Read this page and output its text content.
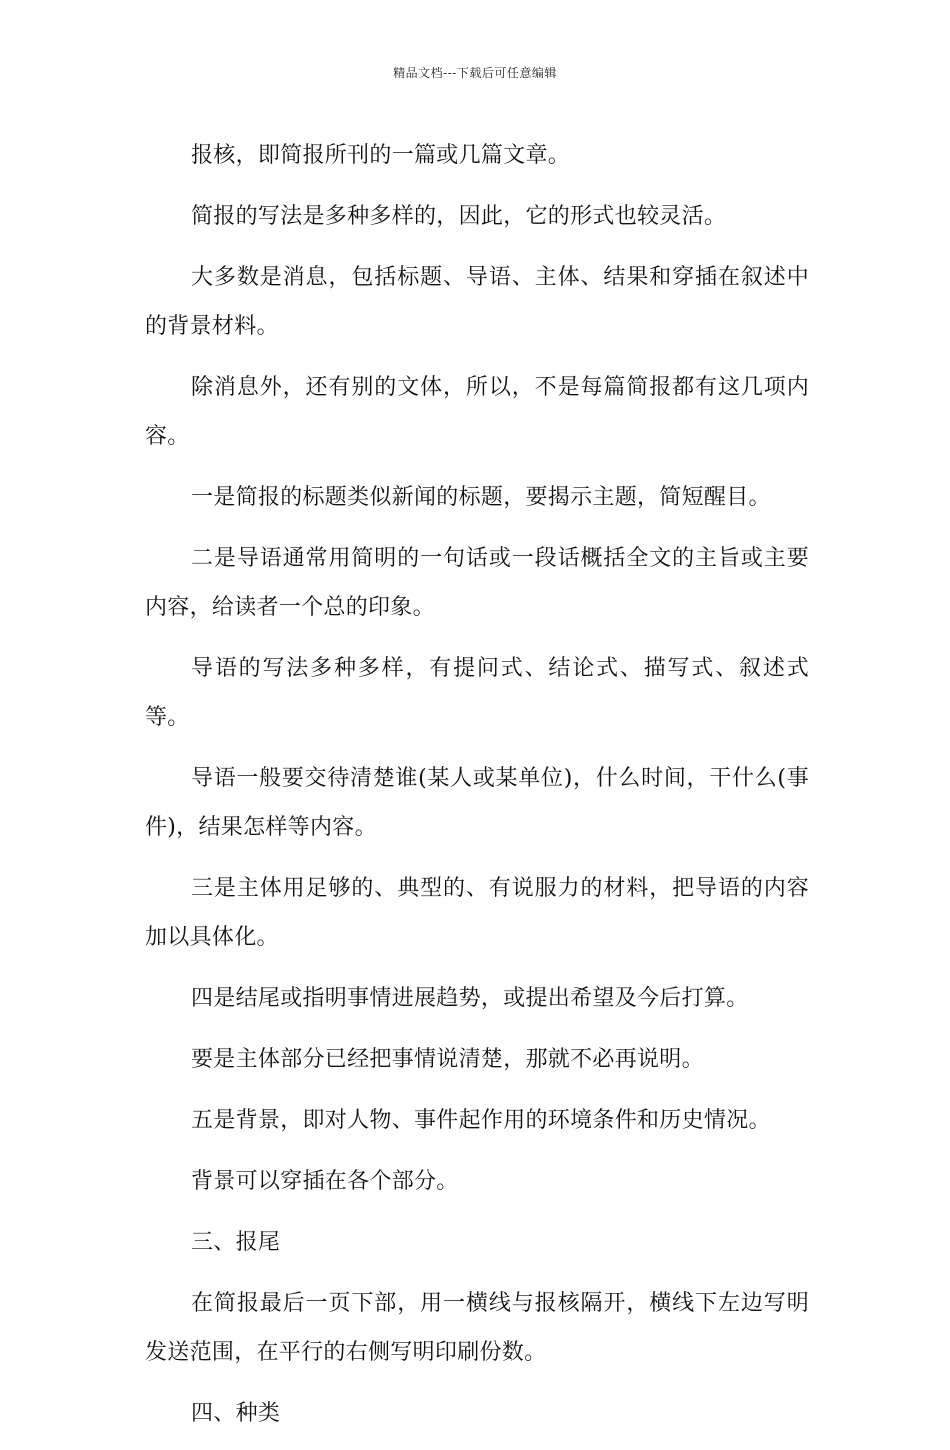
精品文档---下载后可任意编辑

报核，即简报所刊的一篇或几篇文章。

简报的写法是多种多样的，因此，它的形式也较灵活。

大多数是消息，包括标题、导语、主体、结果和穿插在叙述中的背景材料。

除消息外，还有别的文体，所以，不是每篇简报都有这几项内容。

一是简报的标题类似新闻的标题，要揭示主题，简短醒目。

二是导语通常用简明的一句话或一段话概括全文的主旨或主要内容，给读者一个总的印象。

导语的写法多种多样，有提问式、结论式、描写式、叙述式等。

导语一般要交待清楚谁(某人或某单位)，什么时间，干什么(事件)，结果怎样等内容。

三是主体用足够的、典型的、有说服力的材料，把导语的内容加以具体化。

四是结尾或指明事情进展趋势，或提出希望及今后打算。

要是主体部分已经把事情说清楚，那就不必再说明。

五是背景，即对人物、事件起作用的环境条件和历史情况。

背景可以穿插在各个部分。

三、报尾

在简报最后一页下部，用一横线与报核隔开，横线下左边写明发送范围，在平行的右侧写明印刷份数。

四、种类
